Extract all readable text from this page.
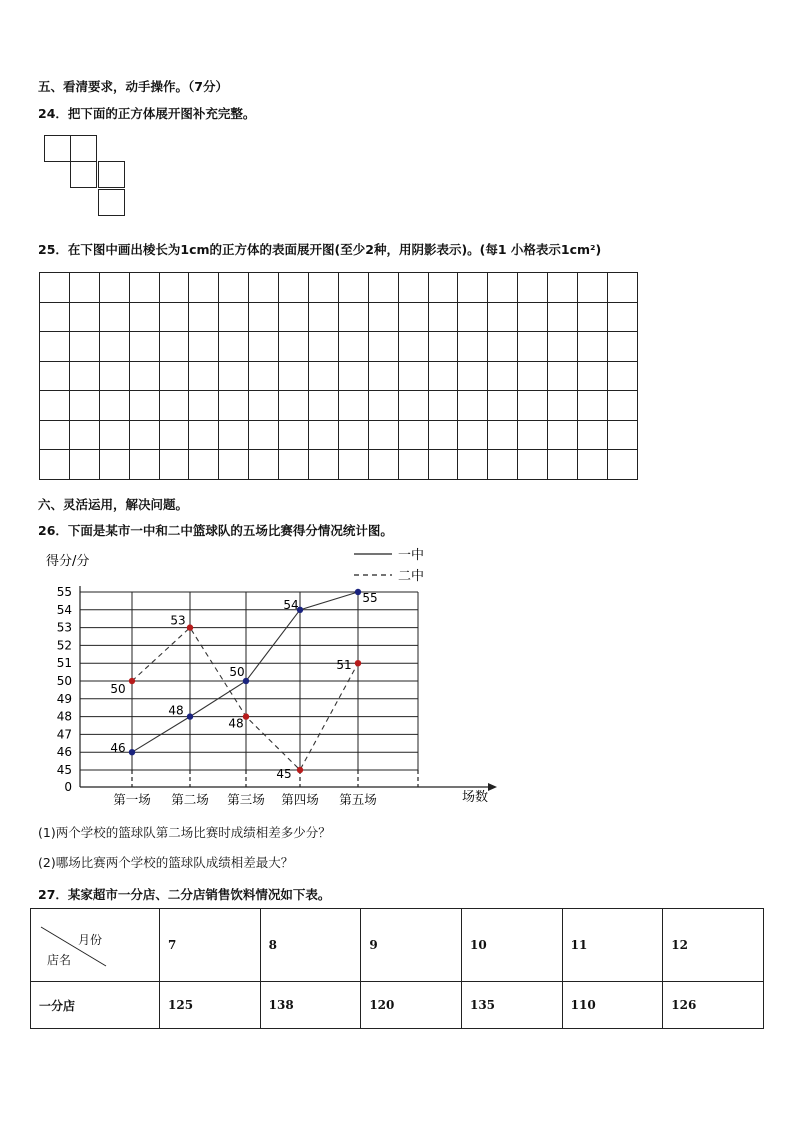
五、看清要求，动手操作。（7分）
24．把下面的正方体展开图补充完整。
25．在下图中画出棱长为1cm的正方体的表面展开图(至少2种，用阴影表示)。(每1 小格表示1cm²)

六、灵活运用，解决问题。
26．下面是某市一中和二中篮球队的五场比赛得分情况统计图。
得分/分	一中
二中
0
45
46
47
48
49
50
51
52
53
54
55
第一场 第二场 第三场 第四场 第五场
46
48
50
54	55
50
53
48
45
51
场数
(1)两个学校的篮球队第二场比赛时成绩相差多少分？
(2)哪场比赛两个学校的篮球队成绩相差最大？
27．某家超市一分店、二分店销售饮料情况如下表。
月份
店名	7	8	9	10	11	12
一分店	125	138	120	135	110	126
